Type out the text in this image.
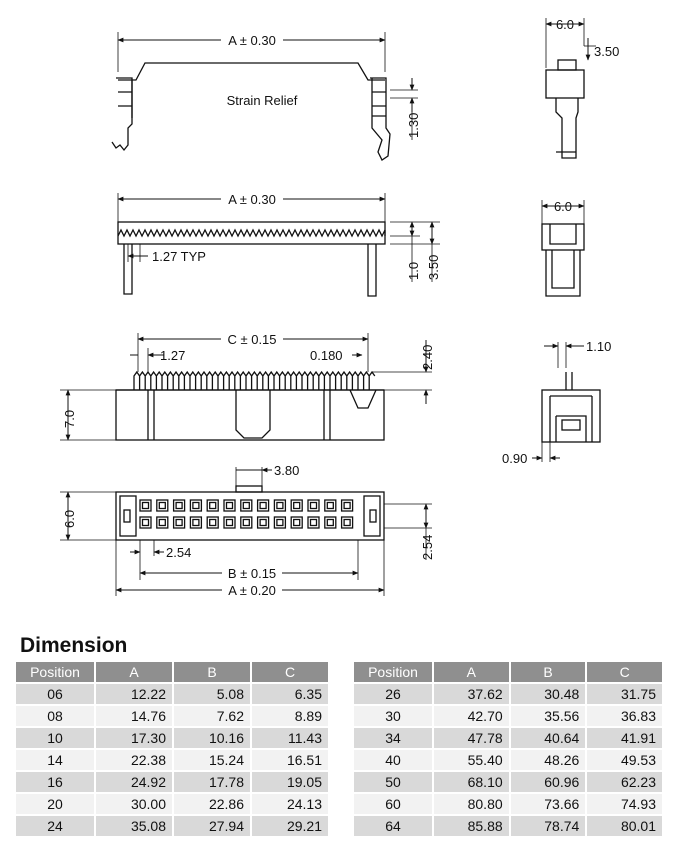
A ± 0.30
Strain Relief
1.30
6.0
3.50
A ± 0.30
1.27 TYP
1.0 3.50
6.0
C ± 0.15
1.27	0.180	2.40
7.0
1.10
0.90
3.80
6.0
2.54
2.54
B ± 0.15
A ± 0.20
Dimension
Position	A	B	C
06	12.22	5.08	6.35
08	14.76	7.62	8.89
10	17.30	10.16	11.43
14	22.38	15.24	16.51
16	24.92	17.78	19.05
20	30.00	22.86	24.13
24	35.08	27.94	29.21
Position	A	B	C
26	37.62	30.48	31.75
30	42.70	35.56	36.83
34	47.78	40.64	41.91
40	55.40	48.26	49.53
50	68.10	60.96	62.23
60	80.80	73.66	74.93
64	85.88	78.74	80.01
